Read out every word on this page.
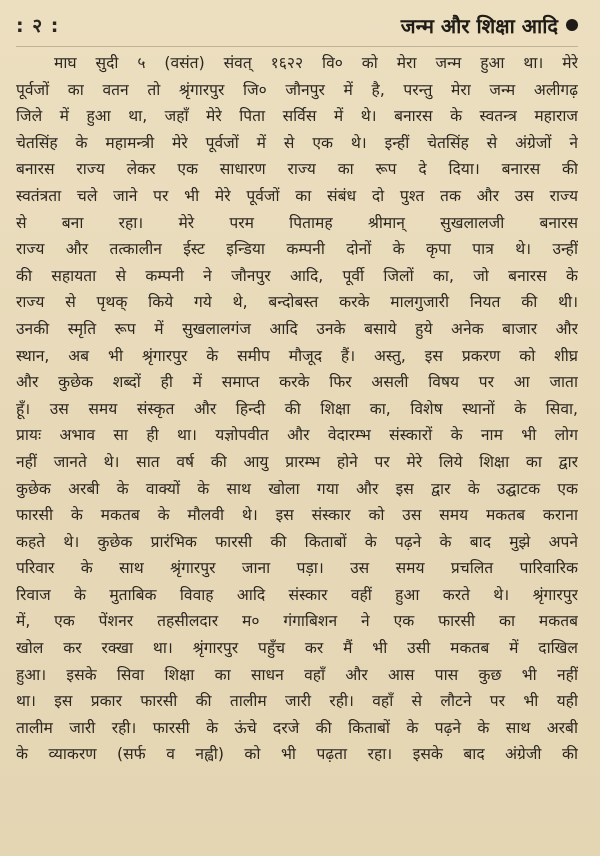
: २ :	जन्म और शिक्षा आदि
माघ सुदी ५ (वसंत) संवत् १६२२ वि० को मेरा जन्म हुआ था। मेरे
पूर्वजों का वतन तो श्रृंगारपुर जि० जौनपुर में है, परन्तु मेरा जन्म अलीगढ़
जिले में हुआ था, जहाँ मेरे पिता सर्विस में थे। बनारस के स्वतन्त्र महाराज
चेतसिंह के महामन्त्री मेरे पूर्वजों में से एक थे। इन्हीं चेतसिंह से अंग्रेजों ने
बनारस राज्य लेकर एक साधारण राज्य का रूप दे दिया। बनारस की
स्वतंत्रता चले जाने पर भी मेरे पूर्वजों का संबंध दो पुश्त तक और उस राज्य
से बना रहा। मेरे परम पितामह श्रीमान् सुखलालजी बनारस
राज्य और तत्कालीन ईस्ट इन्डिया कम्पनी दोनों के कृपा पात्र थे। उन्हीं
की सहायता से कम्पनी ने जौनपुर आदि, पूर्वी जिलों का, जो बनारस के
राज्य से पृथक् किये गये थे, बन्दोबस्त करके मालगुजारी नियत की थी।
उनकी स्मृति रूप में सुखलालगंज आदि उनके बसाये हुये अनेक बाजार और
स्थान, अब भी श्रृंगारपुर के समीप मौजूद हैं। अस्तु, इस प्रकरण को शीघ्र
और कुछेक शब्दों ही में समाप्त करके फिर असली विषय पर आ जाता
हूँ। उस समय संस्कृत और हिन्दी की शिक्षा का, विशेष स्थानों के सिवा,
प्रायः अभाव सा ही था। यज्ञोपवीत और वेदारम्भ संस्कारों के नाम भी लोग
नहीं जानते थे। सात वर्ष की आयु प्रारम्भ होने पर मेरे लिये शिक्षा का द्वार
कुछेक अरबी के वाक्यों के साथ खोला गया और इस द्वार के उद्घाटक एक
फारसी के मकतब के मौलवी थे। इस संस्कार को उस समय मकतब कराना
कहते थे। कुछेक प्रारंभिक फारसी की किताबों के पढ़ने के बाद मुझे अपने
परिवार के साथ श्रृंगारपुर जाना पड़ा। उस समय प्रचलित पारिवारिक
रिवाज के मुताबिक विवाह आदि संस्कार वहीं हुआ करते थे। श्रृंगारपुर
में, एक पेंशनर तहसीलदार म० गंगाबिशन ने एक फारसी का मकतब
खोल कर रक्खा था। श्रृंगारपुर पहुँच कर मैं भी उसी मकतब में दाखिल
हुआ। इसके सिवा शिक्षा का साधन वहाँ और आस पास कुछ भी नहीं
था। इस प्रकार फारसी की तालीम जारी रही। वहाँ से लौटने पर भी यही
तालीम जारी रही। फारसी के ऊंचे दरजे की किताबों के पढ़ने के साथ अरबी
के व्याकरण (सर्फ व नह्वी) को भी पढ़ता रहा। इसके बाद अंग्रेजी की
